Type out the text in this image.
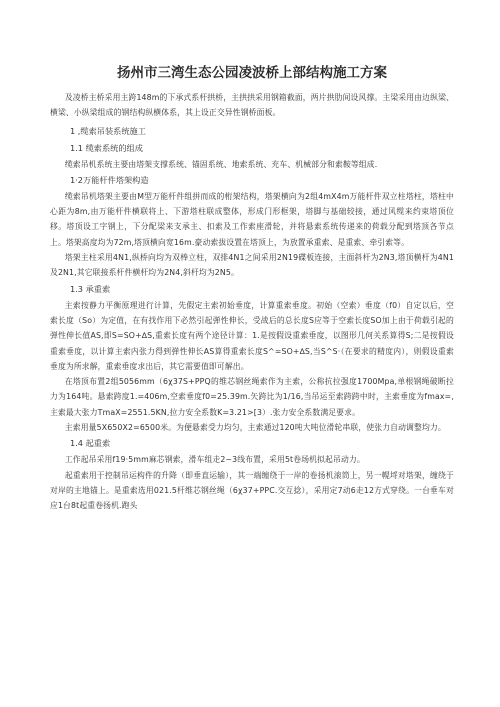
扬州市三湾生态公园凌波桥上部结构施工方案

及凌桥主桥采用主跨148m的下承式系杆拱桥，主拱拱采用钢箱截面，两片拱肋间设风撑。主梁采用由边纵梁、横梁、小纵梁组成的钢结构纵横体系，其上设正交异性钢桥面板。

1 ,缆索吊装系统施工
1.1 缆索系统的组成

缆索吊机系统主要由塔架支撑系统、锚固系统、地索系统、充车、机械部分和索鞍等组成.

1·2万能杆件塔架构造

缆索吊机塔架主要由M型万能杆件组拼而成的桁架结构，塔架横向为2组4mX4m万能杆件双立柱塔柱，塔柱中心距为8m,由万能杆件横联将上、下游塔柱联成整体，形成门形框架，塔脚与基础较接，通过风缆来约束塔顶位移。塔顶设工字钢上，下分配梁来支承主、扣索及工作索座滑轮，并将悬索系统传递来的荷载分配到塔顶各节点上。塔架高度均为72m,塔顶横向宽16m.豪动索拔设置在塔顶上，为放置承重索、是重索、牵引索等。

塔架主柱采用4N1,纵桥向均为双棒立柱，双排4N1之间采用2N19碟板连接，主面斜杆为2N3,塔顶横杆为4N1及2N1,其它联接系杆件横杆均为2N4,斜杆均为2N5。

1.3 承重索

主索按静力平衡原理进行计算，先假定主索初始垂度，计算重索垂度。初始（空索）垂度（f0）自定以后，空索长度（So）为定值，在有找作用下必然引起弹性伸长，受战后的总长度S应等于空索长度SO加上由于荷载引起的弹性伸长值AS,即S=SO+∆S,重索长度有两个途径计算：1.是按假设重索垂度，以图形几何关系算得S;二是按假设重索垂度，以计算主索内张力得到弹性伸长AS算得重索长度S^=SO+∆S,当S^S·（在要求的精度内），则假设重索垂度为所求解，重索垂度求出后，其它需要值即可解出。

在塔顶布置2组5056mm（6χ37S+PPQ的维芯钢丝绳索作为主索，公称抗拉强度1700Mpa,单根钢绳破断拉力为164吨。悬索跨度1.=406m,空索垂度f0=25.39m.矢跨比为1/16,当吊运至索跨跨中时，主索垂度为fmax=,主索最大张力TmaX=2551.5KN,拉力安全系数K=3.21>[3）.张力安全系数满足要求。

主索用量5X650X2=6500米。为便悬索受力均匀，主索通过120吨大吨位滑轮串联，使张力自动调整均力。

1.4 起重索

工作起吊采用f19·5mm麻芯钢索，滑车组走2~3线布置，采用5t卷场机拟起吊动力。

起重索用于控制吊运构件的升降（即垂直运输），其一端缠绕于一岸的卷扬机滚筒上，另一幌埒对塔架，缠绕于对岸的主地锚上。是重索选用021.5杆维芯钢丝绳（6χ37+PPC.交互捻），采用定7动6走12方式穿绕。一台垂车对应1台8t起重卷扬机.跑头
